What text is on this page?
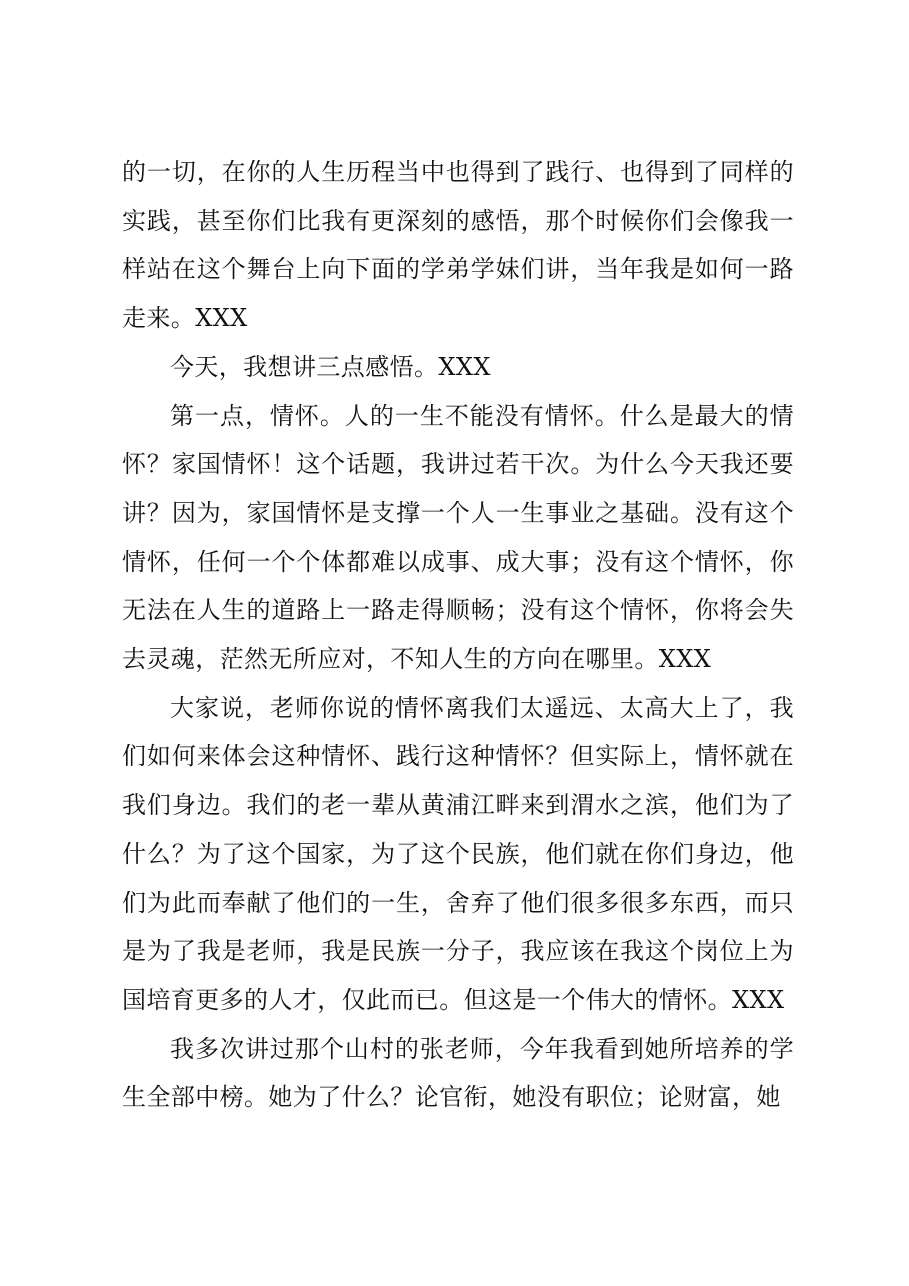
的一切，在你的人生历程当中也得到了践行、也得到了同样的实践，甚至你们比我有更深刻的感悟，那个时候你们会像我一样站在这个舞台上向下面的学弟学妹们讲，当年我是如何一路走来。XXX

今天，我想讲三点感悟。XXX

第一点，情怀。人的一生不能没有情怀。什么是最大的情怀？家国情怀！这个话题，我讲过若干次。为什么今天我还要讲？因为，家国情怀是支撑一个人一生事业之基础。没有这个情怀，任何一个个体都难以成事、成大事；没有这个情怀，你无法在人生的道路上一路走得顺畅；没有这个情怀，你将会失去灵魂，茫然无所应对，不知人生的方向在哪里。XXX

大家说，老师你说的情怀离我们太遥远、太高大上了，我们如何来体会这种情怀、践行这种情怀？但实际上，情怀就在我们身边。我们的老一辈从黄浦江畔来到渭水之滨，他们为了什么？为了这个国家，为了这个民族，他们就在你们身边，他们为此而奉献了他们的一生，舍弃了他们很多很多东西，而只是为了我是老师，我是民族一分子，我应该在我这个岗位上为国培育更多的人才，仅此而已。但这是一个伟大的情怀。XXX

我多次讲过那个山村的张老师，今年我看到她所培养的学生全部中榜。她为了什么？论官衔，她没有职位；论财富，她
